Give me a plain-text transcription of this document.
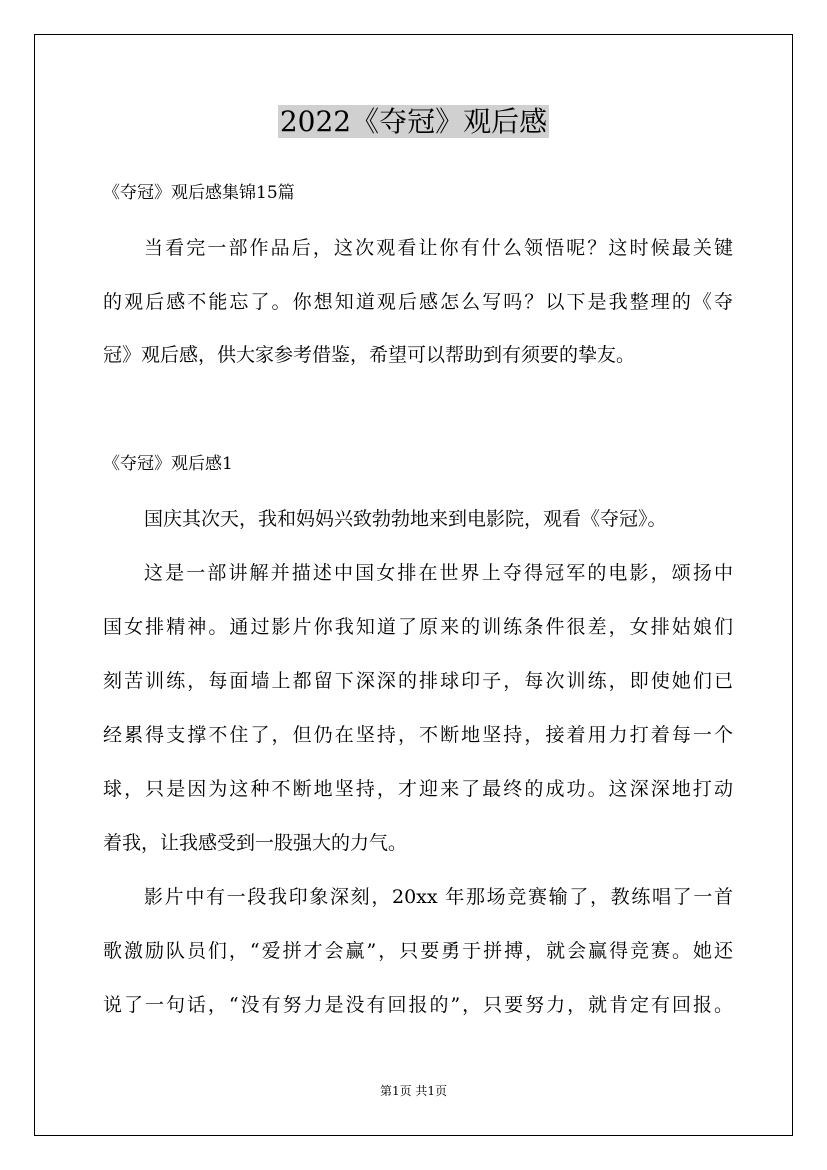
2022《夺冠》观后感
《夺冠》观后感集锦15篇
当看完一部作品后，这次观看让你有什么领悟呢？这时候最关键
的观后感不能忘了。你想知道观后感怎么写吗？以下是我整理的《夺
冠》观后感，供大家参考借鉴，希望可以帮助到有须要的挚友。
《夺冠》观后感1
国庆其次天，我和妈妈兴致勃勃地来到电影院，观看《夺冠》。
这是一部讲解并描述中国女排在世界上夺得冠军的电影，颂扬中
国女排精神。通过影片你我知道了原来的训练条件很差，女排姑娘们
刻苦训练，每面墙上都留下深深的排球印子，每次训练，即使她们已
经累得支撑不住了，但仍在坚持，不断地坚持，接着用力打着每一个
球，只是因为这种不断地坚持，才迎来了最终的成功。这深深地打动
着我，让我感受到一股强大的力气。
影片中有一段我印象深刻，20xx 年那场竞赛输了，教练唱了一首
歌激励队员们，“爱拼才会赢”，只要勇于拼搏，就会赢得竞赛。她还
说了一句话，“没有努力是没有回报的”，只要努力，就肯定有回报。
第1页 共1页
